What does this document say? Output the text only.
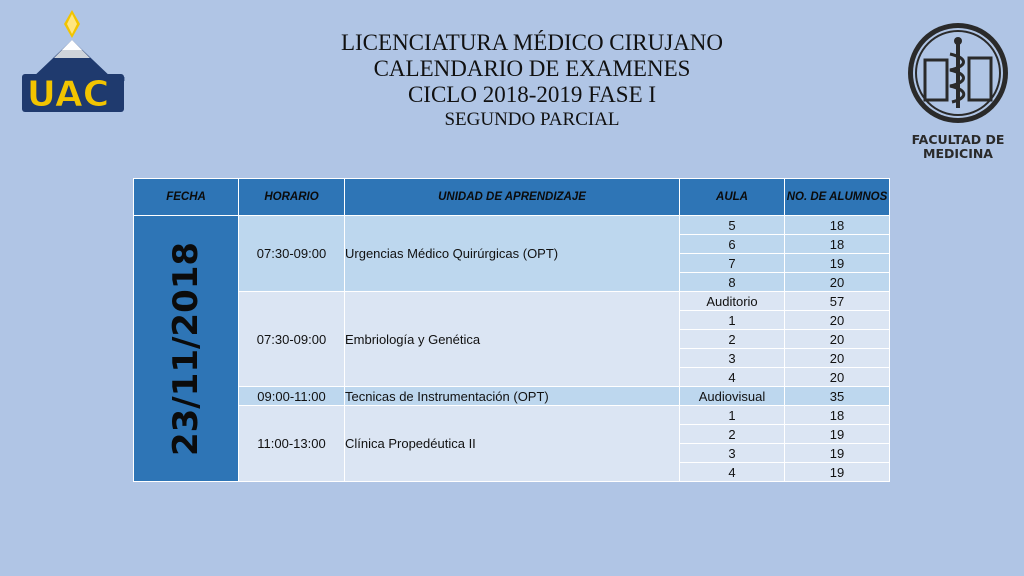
UAC ®
FACULTAD DE
MEDICINA
LICENCIATURA MÉDICO CIRUJANO
CALENDARIO DE EXAMENES
CICLO 2018-2019 FASE I
SEGUNDO PARCIAL
FECHA	HORARIO	UNIDAD DE APRENDIZAJE	AULA	NO. DE ALUMNOS

23/11/2018	07:30-09:00	Urgencias Médico Quirúrgicas (OPT)	5	18
			6	18
			7	19
			8	20
	07:30-09:00	Embriología y Genética	Auditorio	57
			1	20
			2	20
			3	20
			4	20
	09:00-11:00	Tecnicas de Instrumentación (OPT)	Audiovisual	35
	11:00-13:00	Clínica Propedéutica II	1	18
			2	19
			3	19
			4	19
